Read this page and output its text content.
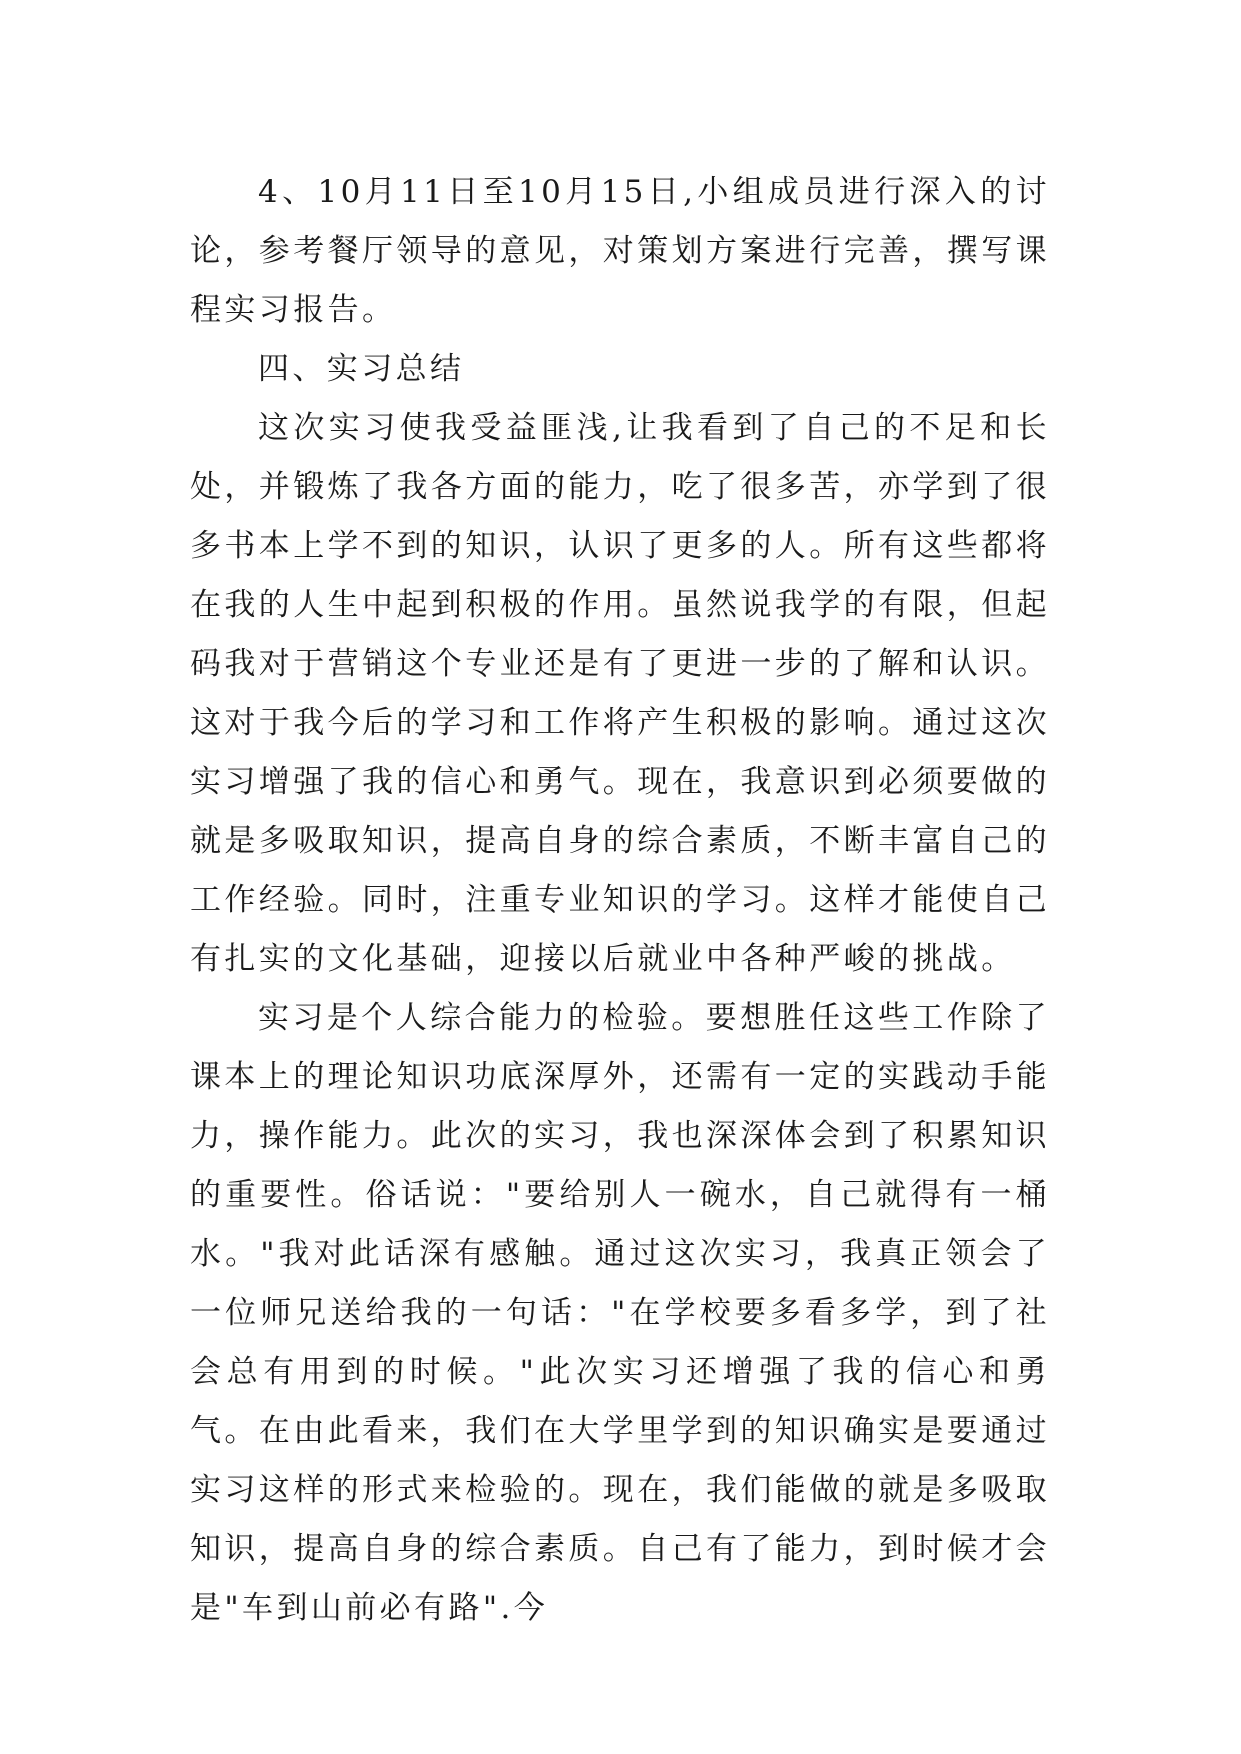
4、10月11日至10月15日,小组成员进行深入的讨论，参考餐厅领导的意见，对策划方案进行完善，撰写课程实习报告。

四、实习总结

这次实习使我受益匪浅,让我看到了自己的不足和长处，并锻炼了我各方面的能力，吃了很多苦，亦学到了很多书本上学不到的知识，认识了更多的人。所有这些都将在我的人生中起到积极的作用。虽然说我学的有限，但起码我对于营销这个专业还是有了更进一步的了解和认识。这对于我今后的学习和工作将产生积极的影响。通过这次实习增强了我的信心和勇气。现在，我意识到必须要做的就是多吸取知识，提高自身的综合素质，不断丰富自己的工作经验。同时，注重专业知识的学习。这样才能使自己有扎实的文化基础，迎接以后就业中各种严峻的挑战。

实习是个人综合能力的检验。要想胜任这些工作除了课本上的理论知识功底深厚外，还需有一定的实践动手能力，操作能力。此次的实习，我也深深体会到了积累知识的重要性。俗话说："要给别人一碗水，自己就得有一桶水。"我对此话深有感触。通过这次实习，我真正领会了一位师兄送给我的一句话："在学校要多看多学，到了社会总有用到的时候。"此次实习还增强了我的信心和勇气。在由此看来，我们在大学里学到的知识确实是要通过实习这样的形式来检验的。现在，我们能做的就是多吸取知识，提高自身的综合素质。自己有了能力，到时候才会是"车到山前必有路".今
